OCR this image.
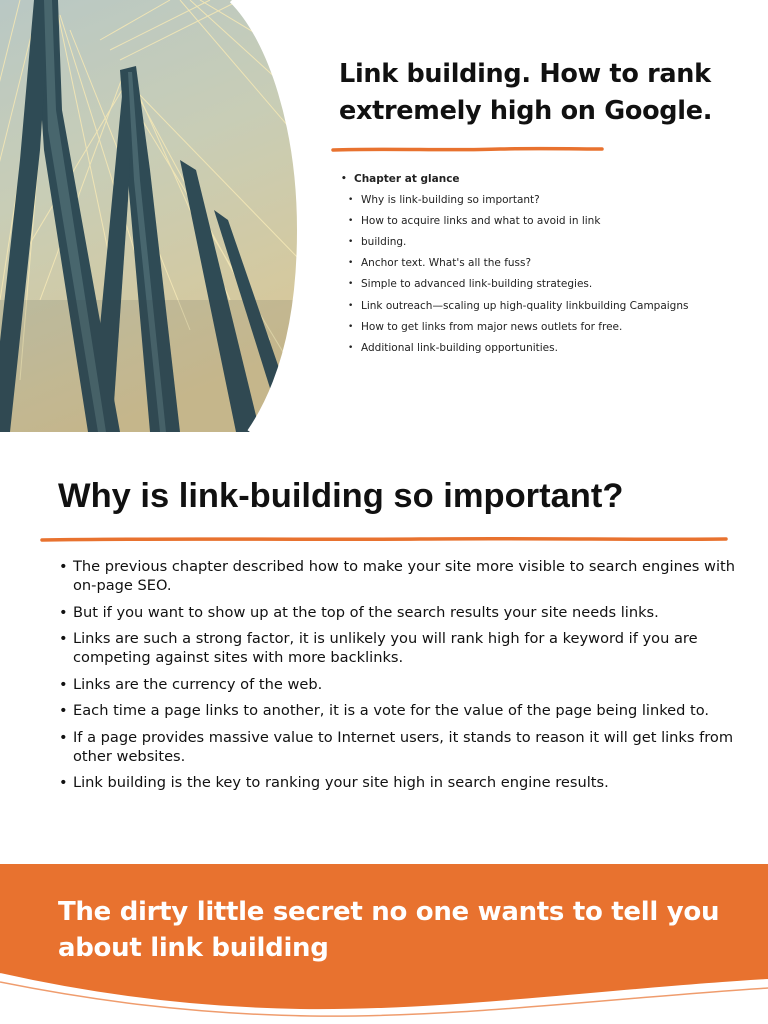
Link building. How to rank extremely high on Google.
• Chapter at glance
• Why is link-building so important?
• How to acquire links and what to avoid in link
• building.
• Anchor text. What's all the fuss?
• Simple to advanced link-building strategies.
• Link outreach—scaling up high-quality linkbuilding Campaigns
• How to get links from major news outlets for free.
• Additional link-building opportunities.
Why is link-building so important?
• The previous chapter described how to make your site more visible to search engines with on-page SEO.
• But if you want to show up at the top of the search results your site needs links.
• Links are such a strong factor, it is unlikely you will rank high for a keyword if you are competing against sites with more backlinks.
• Links are the currency of the web.
• Each time a page links to another, it is a vote for the value of the page being linked to.
• If a page provides massive value to Internet users, it stands to reason it will get links from other websites.
• Link building is the key to ranking your site high in search engine results.
The dirty little secret no one wants to tell you about link building
